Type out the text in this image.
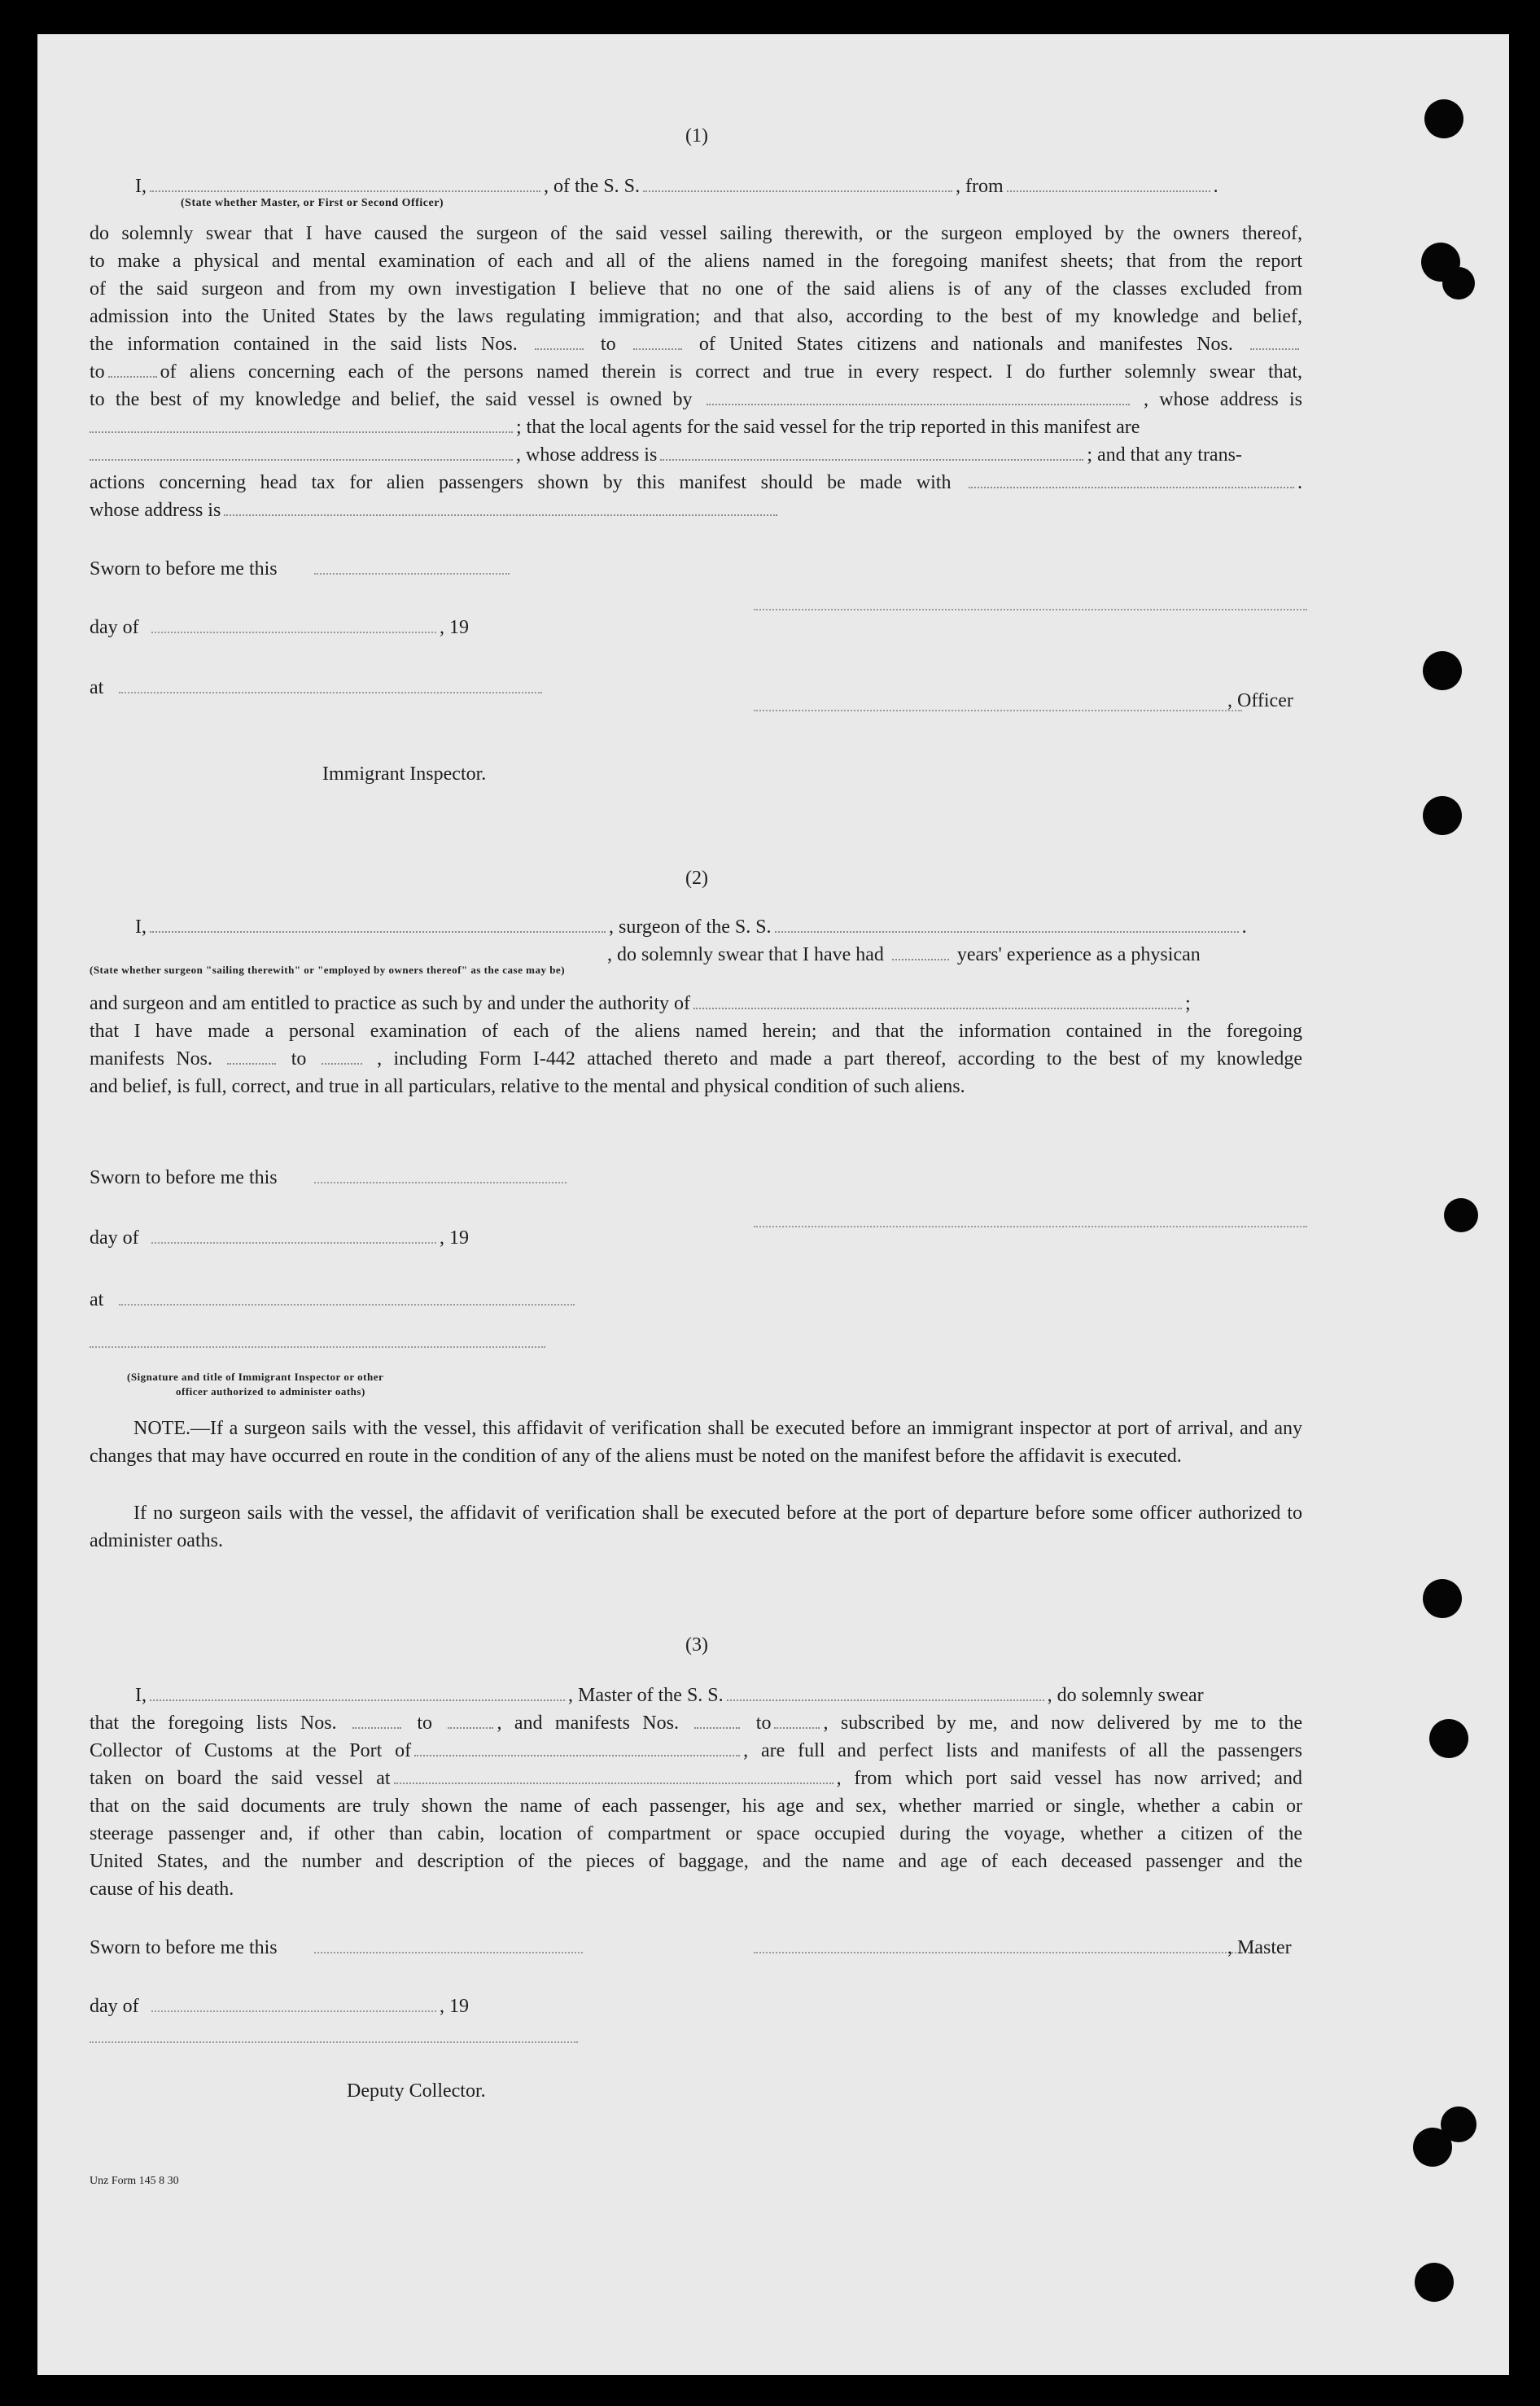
(1)
I,	, of the S. S.	, from	.
(State whether Master, or First or Second Officer)
do solemnly swear that I have caused the surgeon of the said vessel sailing therewith, or the surgeon employed by the owners thereof,
to make a physical and mental examination of each and all of the aliens named in the foregoing manifest sheets; that from the report
of the said surgeon and from my own investigation I believe that no one of the said aliens is of any of the classes excluded from
admission into the United States by the laws regulating immigration; and that also, according to the best of my knowledge and belief,
the information contained in the said lists Nos.	to	of United States citizens and nationals and manifestes Nos.
to	of aliens concerning each of the persons named therein is correct and true in every respect. I do further solemnly swear that,
to the best of my knowledge and belief, the said vessel is owned by	, whose address is
; that the local agents for the said vessel for the trip reported in this manifest are
, whose address is	; and that any trans-
actions concerning head tax for alien passengers shown by this manifest should be made with	.
whose address is
Sworn to before me this
day of	, 19
at
, Officer
Immigrant Inspector.
(2)
I,	, surgeon of the S. S.	.
, do solemnly swear that I have had	years' experience as a physican
(State whether surgeon "sailing therewith" or "employed by owners thereof" as the case may be)
and surgeon and am entitled to practice as such by and under the authority of	;
that I have made a personal examination of each of the aliens named herein; and that the information contained in the foregoing
manifests Nos.	to	, including Form I-442 attached thereto and made a part thereof, according to the best of my knowledge
and belief, is full, correct, and true in all particulars, relative to the mental and physical condition of such aliens.
Sworn to before me this
day of	, 19
at
(Signature and title of Immigrant Inspector or other
officer authorized to administer oaths)
NOTE.—If a surgeon sails with the vessel, this affidavit of verification shall be executed before an immigrant inspector at port of arrival, and any changes that may have occurred en route in the condition of any of the aliens must be noted on the manifest before the affidavit is executed.
If no surgeon sails with the vessel, the affidavit of verification shall be executed before at the port of departure before some officer authorized to administer oaths.
(3)
I,	, Master of the S. S.	, do solemnly swear
that the foregoing lists Nos.	to	, and manifests Nos.	to	, subscribed by me, and now delivered by me to the
Collector of Customs at the Port of	, are full and perfect lists and manifests of all the passengers
taken on board the said vessel at	, from which port said vessel has now arrived; and
that on the said documents are truly shown the name of each passenger, his age and sex, whether married or single, whether a cabin or
steerage passenger and, if other than cabin, location of compartment or space occupied during the voyage, whether a citizen of the
United States, and the number and description of the pieces of baggage, and the name and age of each deceased passenger and the
cause of his death.
Sworn to before me this	, Master
day of	, 19
Deputy Collector.
Unz Form 145 8 30
